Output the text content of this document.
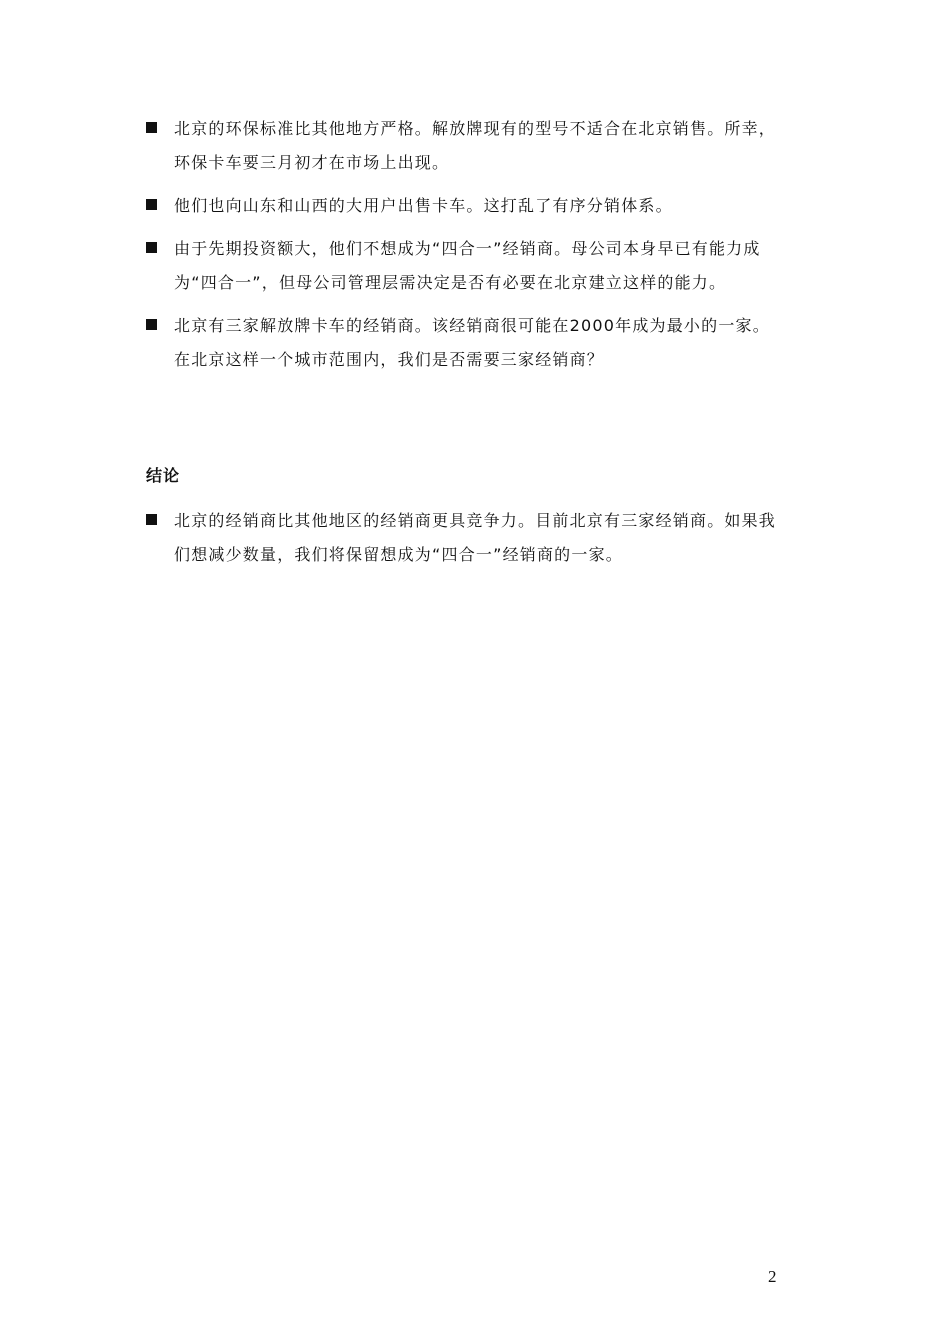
北京的环保标准比其他地方严格。解放牌现有的型号不适合在北京销售。所幸，环保卡车要三月初才在市场上出现。
他们也向山东和山西的大用户出售卡车。这打乱了有序分销体系。
由于先期投资额大，他们不想成为“四合一”经销商。母公司本身早已有能力成为“四合一”，但母公司管理层需决定是否有必要在北京建立这样的能力。
北京有三家解放牌卡车的经销商。该经销商很可能在2000年成为最小的一家。在北京这样一个城市范围内，我们是否需要三家经销商？
结论
北京的经销商比其他地区的经销商更具竞争力。目前北京有三家经销商。如果我们想减少数量，我们将保留想成为“四合一”经销商的一家。
2
